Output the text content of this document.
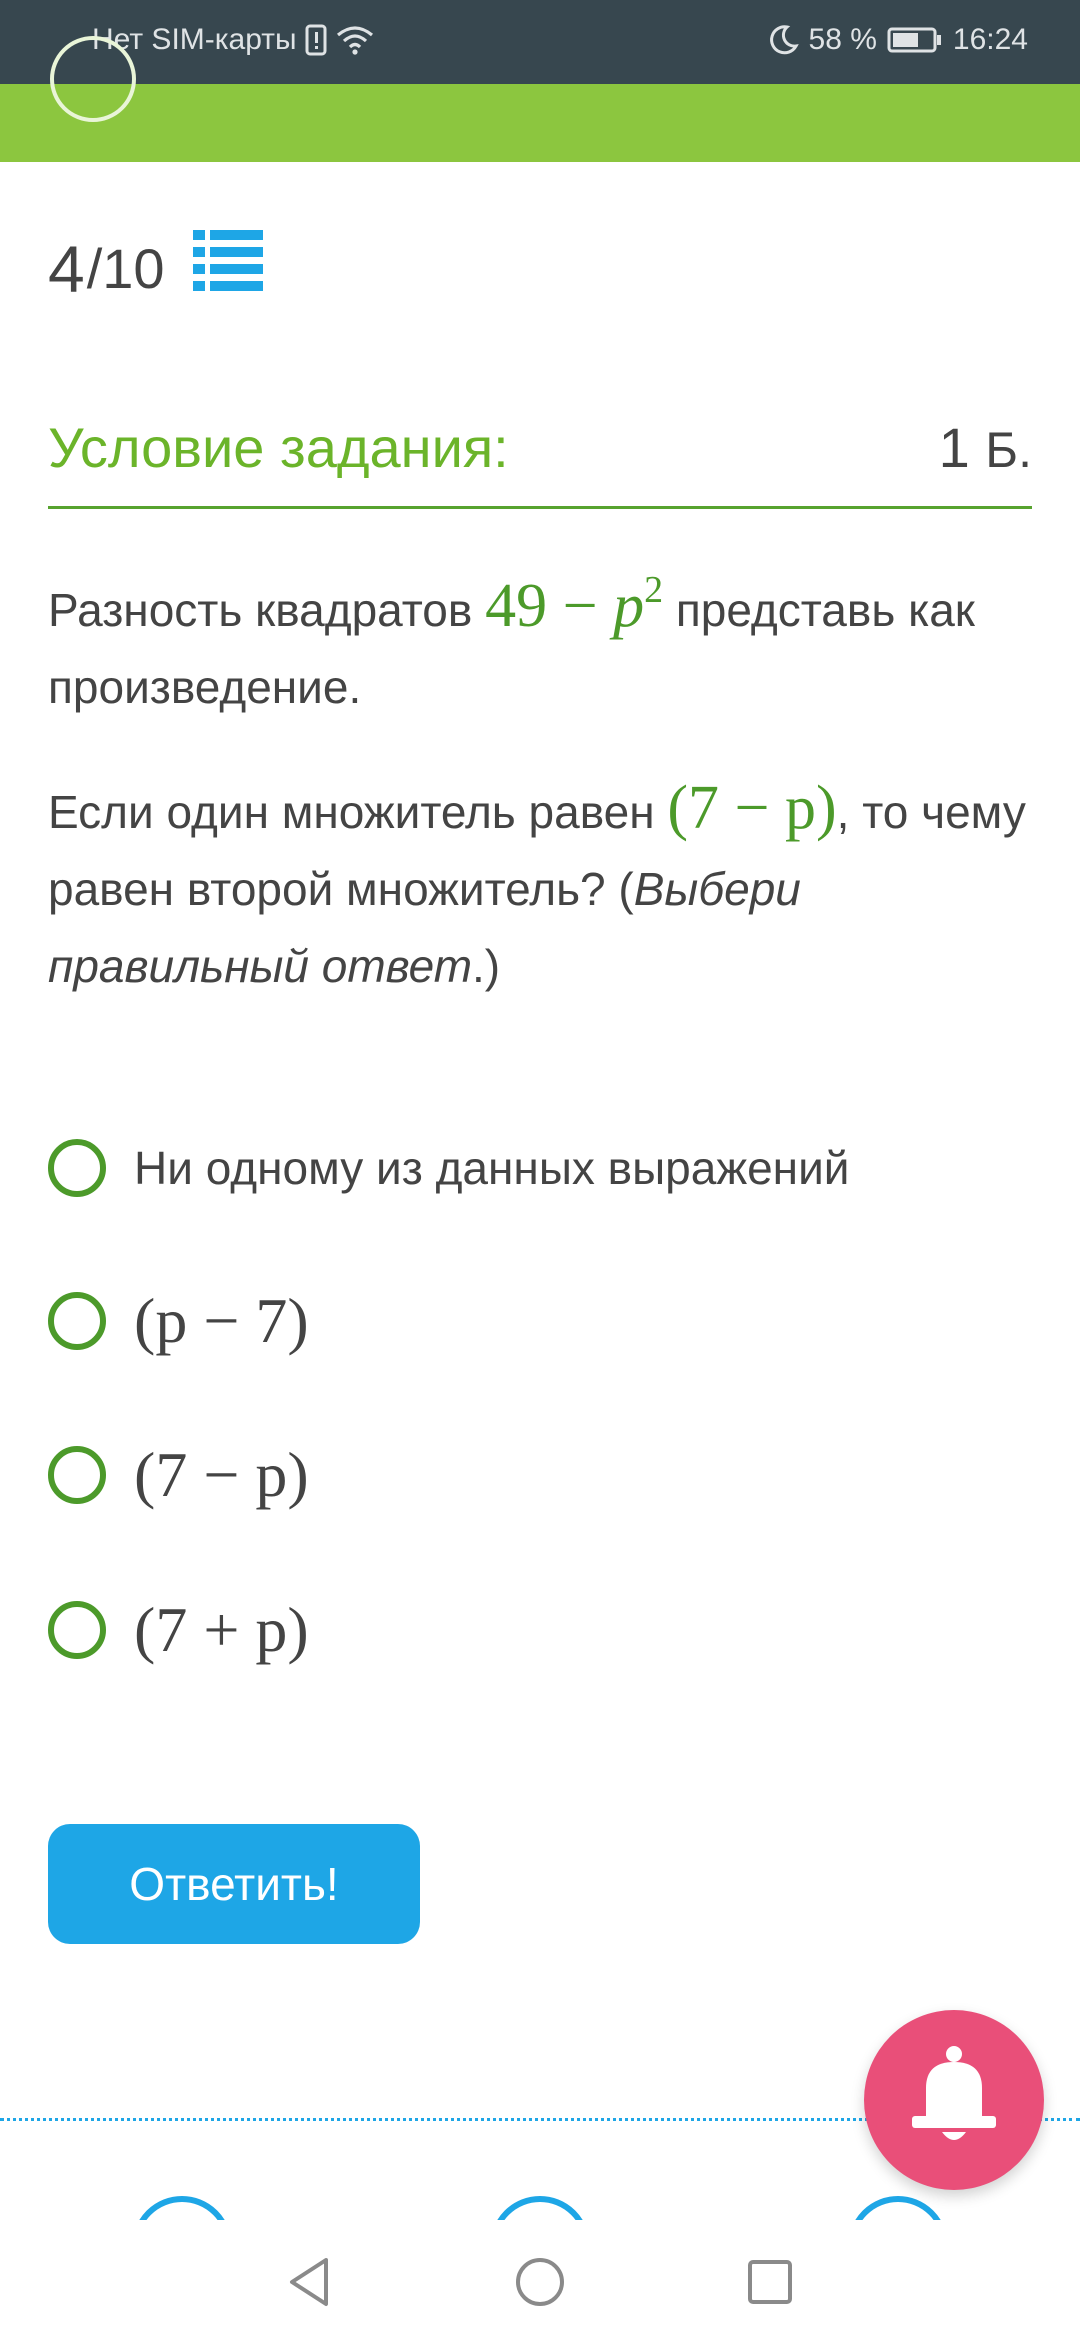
Нет SIM-карты	58 %	16:24
4 /10
Условие задания:	1 Б.
Разность квадратов $49 - p^2$ представь как произведение.
Если один множитель равен (7 − p), то чему равен второй множитель? (Выбери правильный ответ.)
Ни одному из данных выражений
(p − 7)
(7 − p)
(7 + p)
Ответить!
